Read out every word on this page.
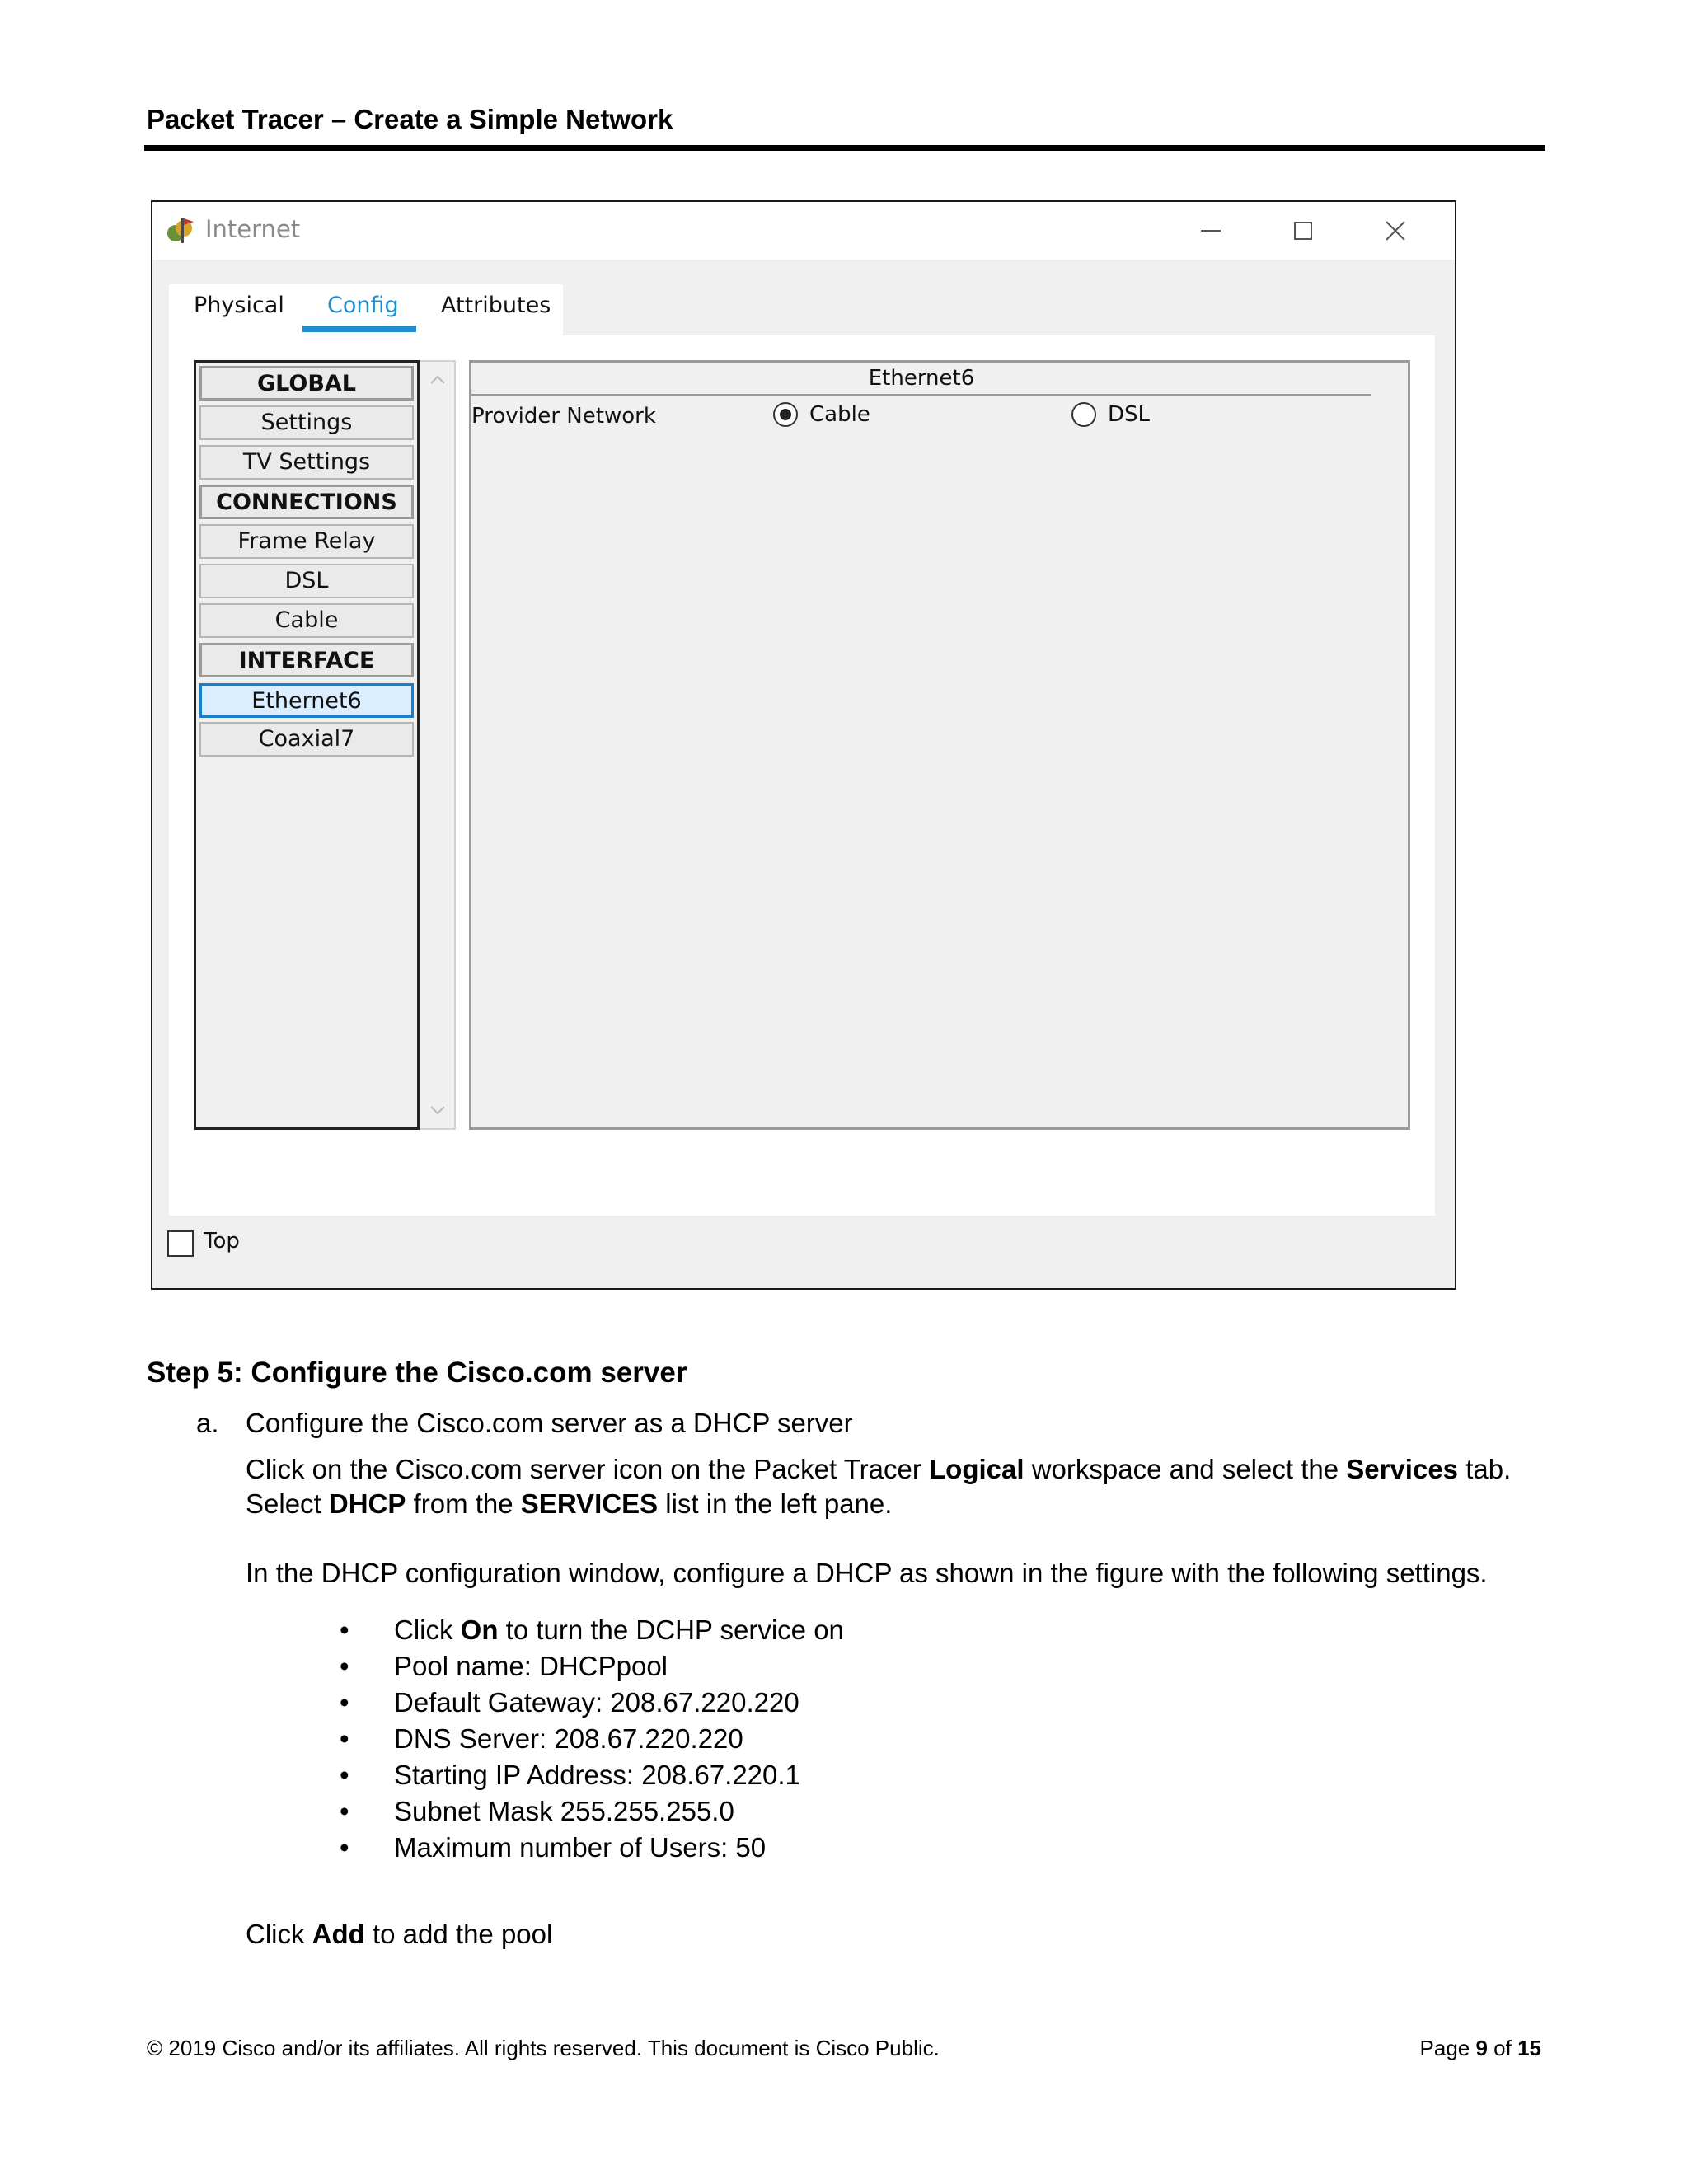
Packet Tracer – Create a Simple Network
Internet
Physical Config Attributes
GLOBAL
Settings
TV Settings
CONNECTIONS
Frame Relay
DSL
Cable
INTERFACE
Ethernet6
Coaxial7
Ethernet6
Provider Network	Cable	DSL
Top
Step 5: Configure the Cisco.com server
a. Configure the Cisco.com server as a DHCP server
Click on the Cisco.com server icon on the Packet Tracer Logical workspace and select the Services tab.
Select DHCP from the SERVICES list in the left pane.
In the DHCP configuration window, configure a DHCP as shown in the figure with the following settings.
• Click On to turn the DCHP service on
• Pool name: DHCPpool
• Default Gateway: 208.67.220.220
• DNS Server: 208.67.220.220
• Starting IP Address: 208.67.220.1
• Subnet Mask 255.255.255.0
• Maximum number of Users: 50
Click Add to add the pool
© 2019 Cisco and/or its affiliates. All rights reserved. This document is Cisco Public.	Page 9 of 15
